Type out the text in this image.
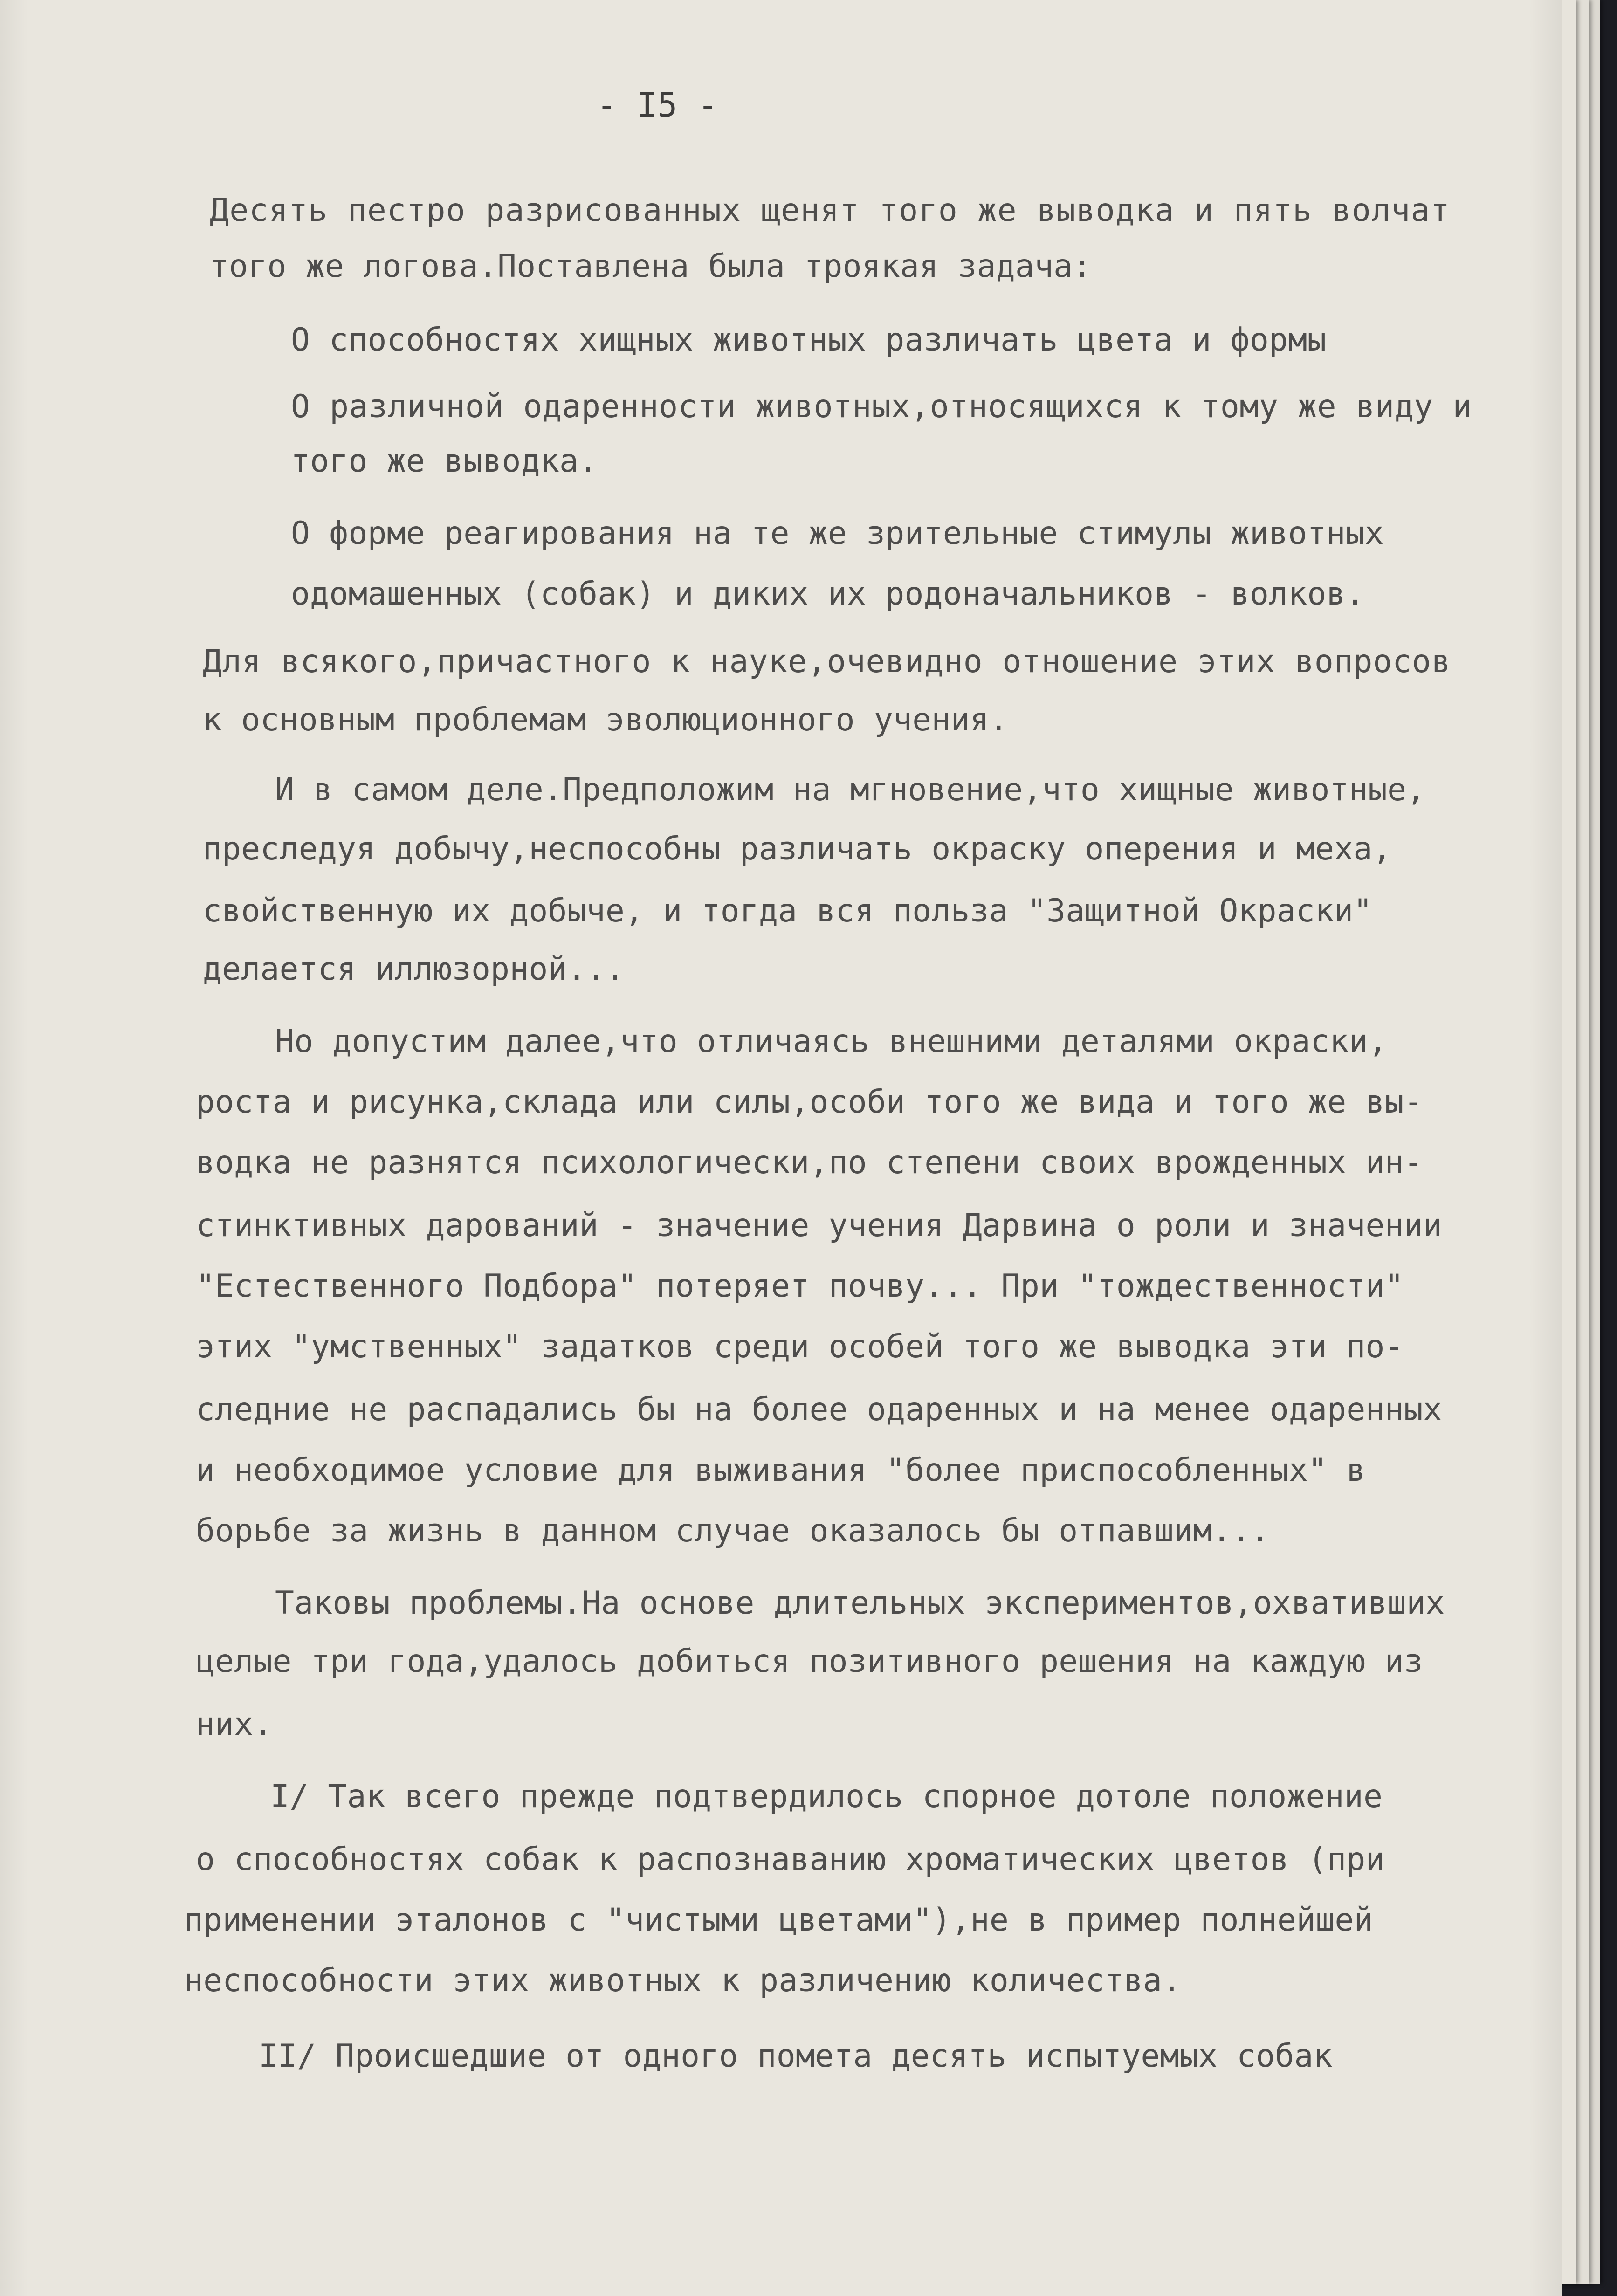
- I5 -

Десять пестро разрисованных щенят того же выводка и пять волчат

того же логова.Поставлена была троякая задача:

О способностях хищных животных различать цвета и формы

О различной одаренности животных,относящихся к тому же виду и

того же выводка.

О форме реагирования на те же зрительные стимулы животных

одомашенных (собак) и диких их родоначальников - волков.

Для всякого,причастного к науке,очевидно отношение этих вопросов

к основным проблемам эволюционного учения.

И в самом деле.Предположим на мгновение,что хищные животные,

преследуя добычу,неспособны различать окраску оперения и меха,

свойственную их добыче, и тогда вся польза "Защитной Окраски"

делается иллюзорной...

Но допустим далее,что отличаясь внешними деталями окраски,

роста и рисунка,склада или силы,особи того же вида и того же вы-

водка не разнятся психологически,по степени своих врожденных ин-

стинктивных дарований - значение учения Дарвина о роли и значении

"Естественного Подбора" потеряет почву... При "тождественности"

этих "умственных" задатков среди особей того же выводка эти по-

следние не распадались бы на более одаренных и на менее одаренных

и необходимое условие для выживания "более приспособленных" в

борьбе за жизнь в данном случае оказалось бы отпавшим...

Таковы проблемы.На основе длительных экспериментов,охвативших

целые три года,удалось добиться позитивного решения на каждую из

них.

I/ Так всего прежде подтвердилось спорное дотоле положение

о способностях собак к распознаванию хроматических цветов (при

применении эталонов с "чистыми цветами"),не в пример полнейшей

неспособности этих животных к различению количества.

II/ Происшедшие от одного помета десять испытуемых собак
